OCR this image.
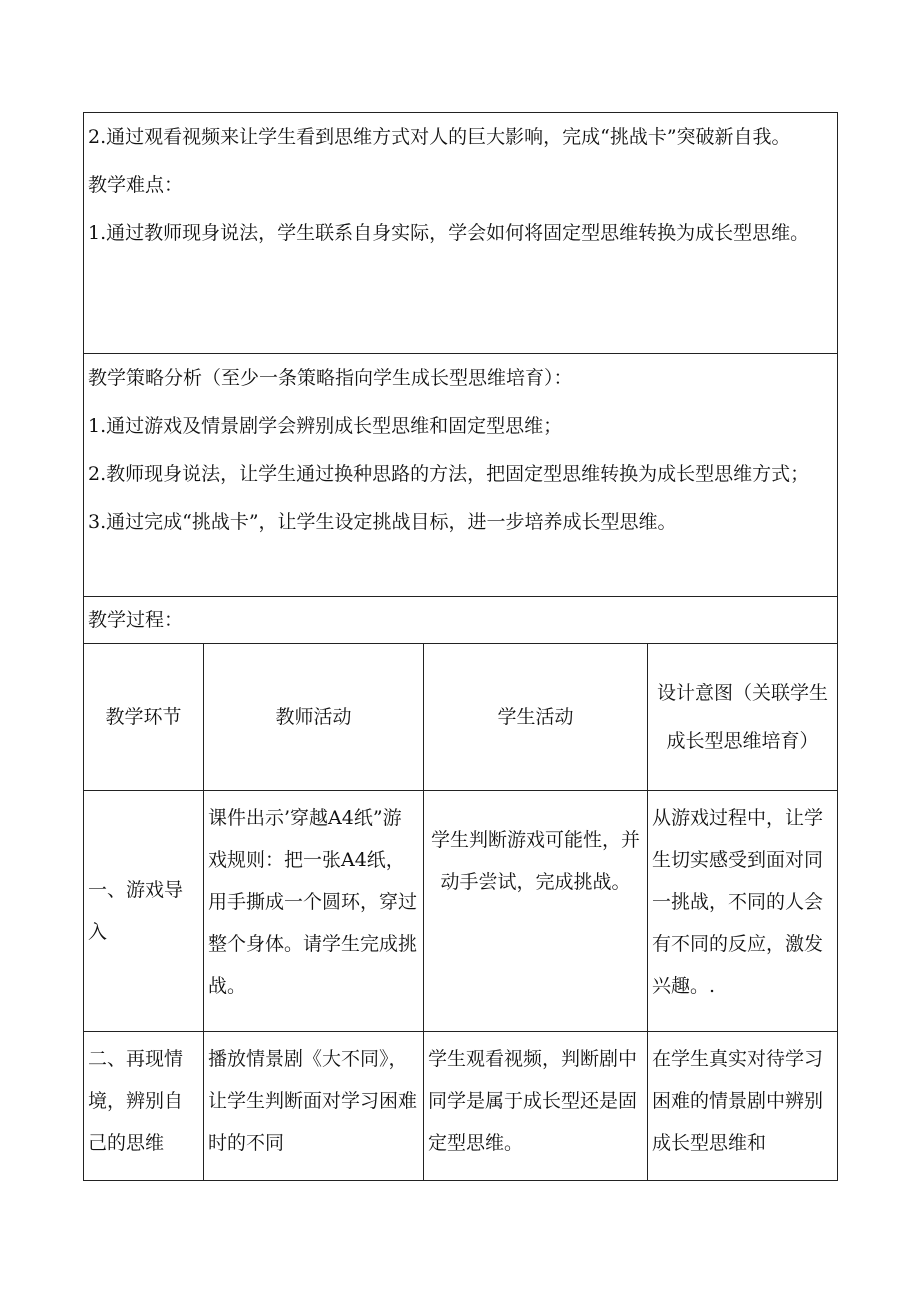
2.通过观看视频来让学生看到思维方式对人的巨大影响，完成“挑战卡”突破新自我。

教学难点：

1.通过教师现身说法，学生联系自身实际，学会如何将固定型思维转换为成长型思维。			

教学策略分析（至少一条策略指向学生成长型思维培育）：

1.通过游戏及情景剧学会辨别成长型思维和固定型思维；

2.教师现身说法，让学生通过换种思路的方法，把固定型思维转换为成长型思维方式；

3.通过完成“挑战卡”，让学生设定挑战目标，进一步培养成长型思维。			

教学过程：			
教学环节	教师活动	学生活动	设计意图（关联学生成长型思维培育）
一、游戏导入	课件出示’穿越A4纸”游戏规则：把一张A4纸，用手撕成一个圆环，穿过整个身体。请学生完成挑战。	学生判断游戏可能性，并动手尝试，完成挑战。	从游戏过程中，让学生切实感受到面对同一挑战，不同的人会有不同的反应，激发兴趣。.
二、再现情境，辨别自己的思维	播放情景剧《大不同》，让学生判断面对学习困难时的不同	学生观看视频，判断剧中同学是属于成长型还是固定型思维。	在学生真实对待学习困难的情景剧中辨别成长型思维和
